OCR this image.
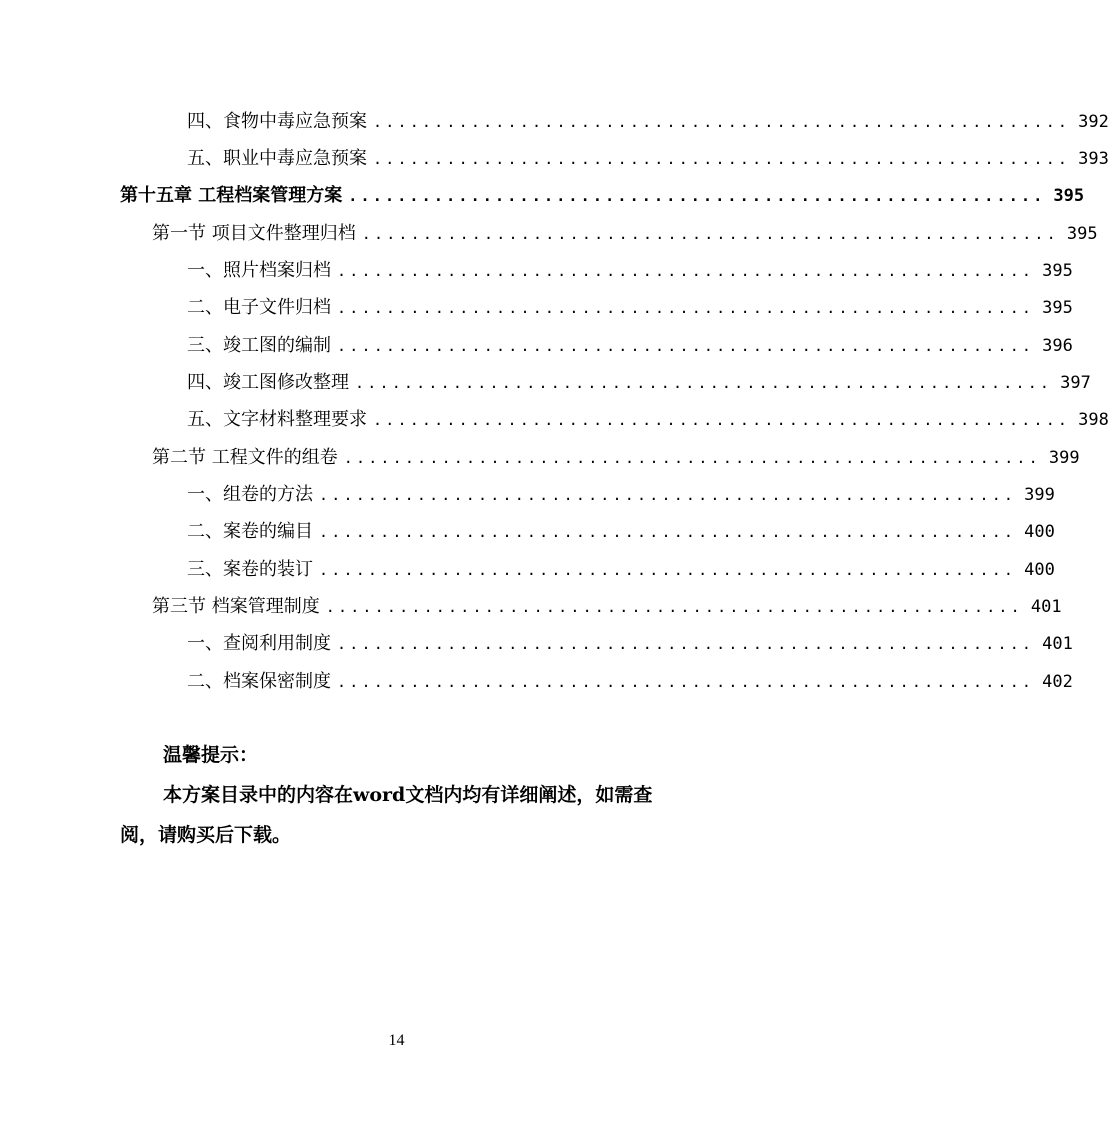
四、食物中毒应急预案 ......................................................... 392
五、职业中毒应急预案 ......................................................... 393
第十五章 工程档案管理方案 ......................................................... 395
第一节 项目文件整理归档 ......................................................... 395
一、照片档案归档 ......................................................... 395
二、电子文件归档 ......................................................... 395
三、竣工图的编制 ......................................................... 396
四、竣工图修改整理 ......................................................... 397
五、文字材料整理要求 ......................................................... 398
第二节 工程文件的组卷 ......................................................... 399
一、组卷的方法 ......................................................... 399
二、案卷的编目 ......................................................... 400
三、案卷的装订 ......................................................... 400
第三节 档案管理制度 ......................................................... 401
一、查阅利用制度 ......................................................... 401
二、档案保密制度 ......................................................... 402
温馨提示：
本方案目录中的内容在word文档内均有详细阐述，如需查阅，请购买后下载。
14
